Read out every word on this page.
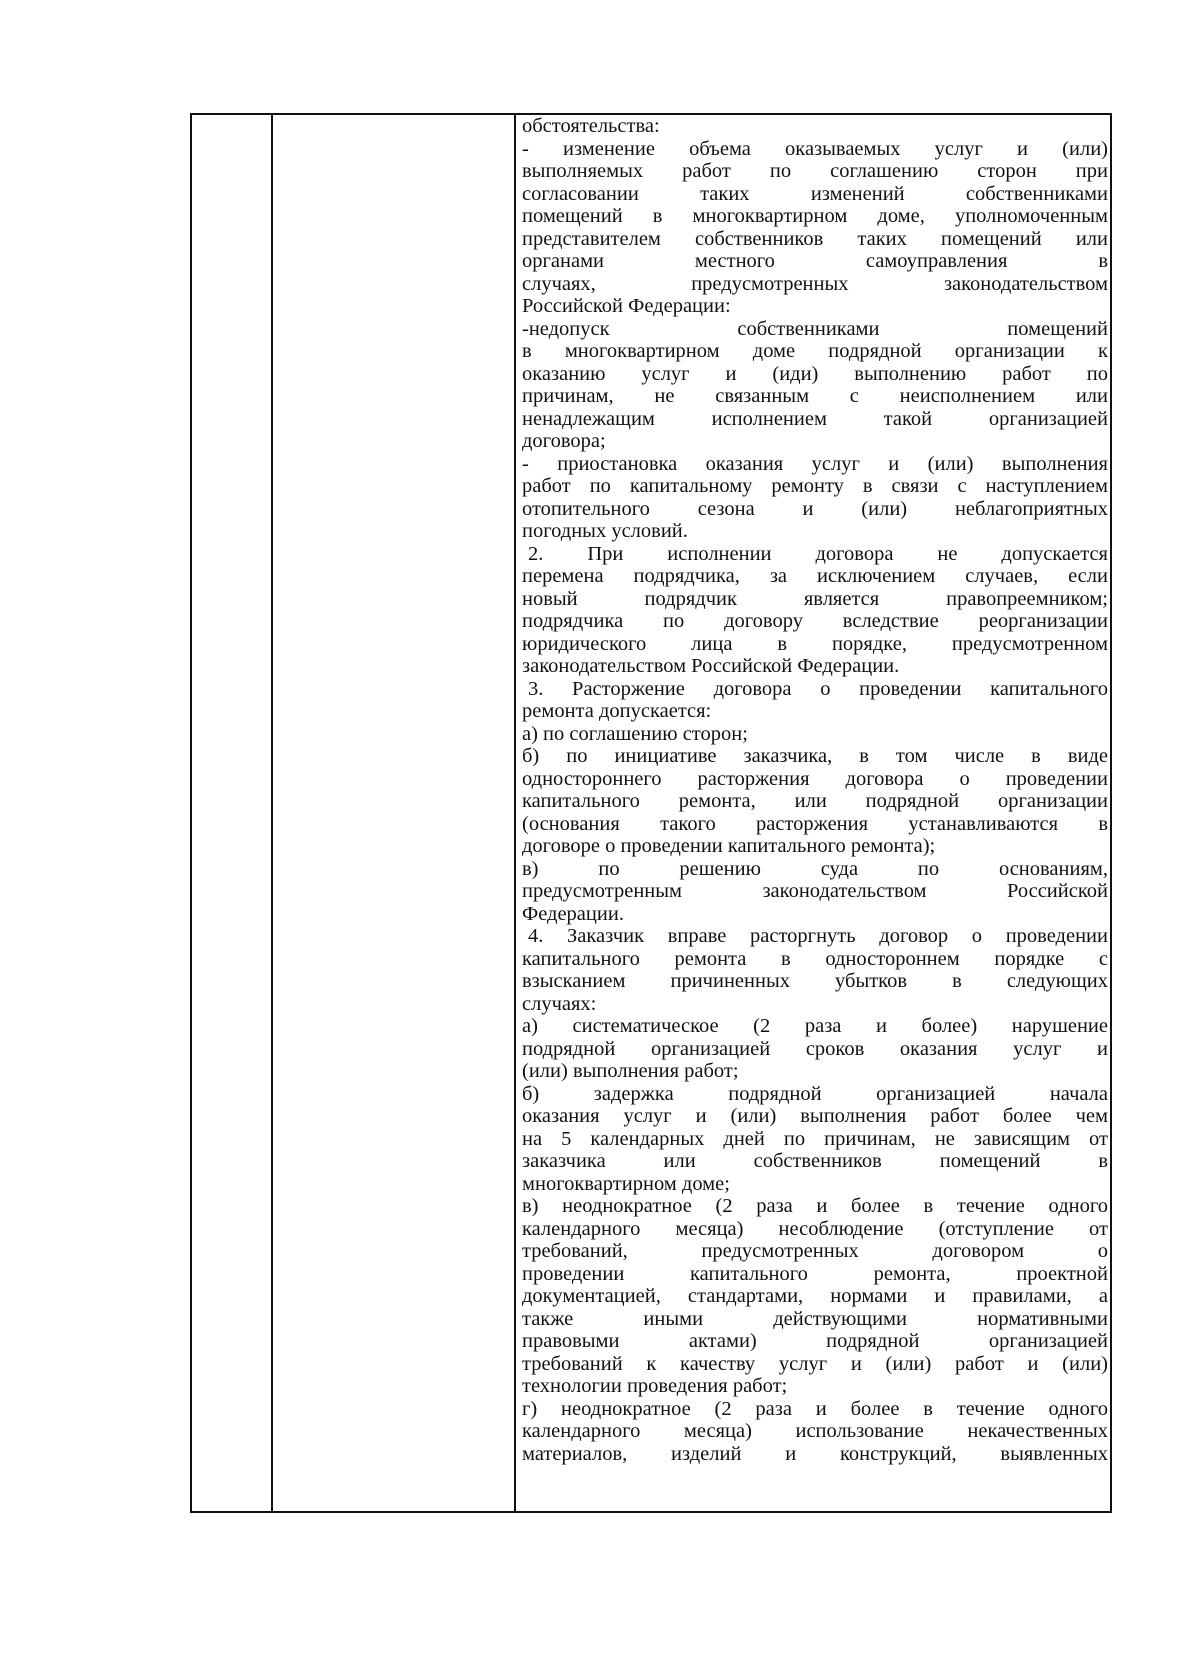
обстоятельства:

- изменение объема оказываемых услуг и (или)

выполняемых работ по соглашению сторон при

согласовании таких изменений собственниками

помещений в многоквартирном доме, уполномоченным

представителем собственников таких помещений или

органами местного самоуправления в

случаях, предусмотренных законодательством

Российской Федерации:

-недопуск собственниками помещений

в многоквартирном доме подрядной организации к

оказанию услуг и (иди) выполнению работ по

причинам, не связанным с неисполнением или

ненадлежащим исполнением такой организацией

договора;

- приостановка оказания услуг и (или) выполнения

работ по капитальному ремонту в связи с наступлением

отопительного сезона и (или) неблагоприятных

погодных условий.

2. При исполнении договора не допускается

перемена подрядчика, за исключением случаев, если

новый подрядчик является правопреемником;

подрядчика по договору вследствие реорганизации

юридического лица в порядке, предусмотренном

законодательством Российской Федерации.

3. Расторжение договора о проведении капитального

ремонта допускается:

а) по соглашению сторон;

б) по инициативе заказчика, в том числе в виде

одностороннего расторжения договора о проведении

капитального ремонта, или подрядной организации

(основания такого расторжения устанавливаются в

договоре о проведении капитального ремонта);

в) по решению суда по основаниям,

предусмотренным законодательством Российской

Федерации.

4. Заказчик вправе расторгнуть договор о проведении

капитального ремонта в одностороннем порядке с

взысканием причиненных убытков в следующих

случаях:

а) систематическое (2 раза и более) нарушение

подрядной организацией сроков оказания услуг и

(или) выполнения работ;

б) задержка подрядной организацией начала

оказания услуг и (или) выполнения работ более чем

на 5 календарных дней по причинам, не зависящим от

заказчика или собственников помещений в

многоквартирном доме;

в) неоднократное (2 раза и более в течение одного

календарного месяца) несоблюдение (отступление от

требований, предусмотренных договором о

проведении капитального ремонта, проектной

документацией, стандартами, нормами и правилами, а

также иными действующими нормативными

правовыми актами) подрядной организацией

требований к качеству услуг и (или) работ и (или)

технологии проведения работ;

г) неоднократное (2 раза и более в течение одного

календарного месяца) использование некачественных

материалов, изделий и конструкций, выявленных
